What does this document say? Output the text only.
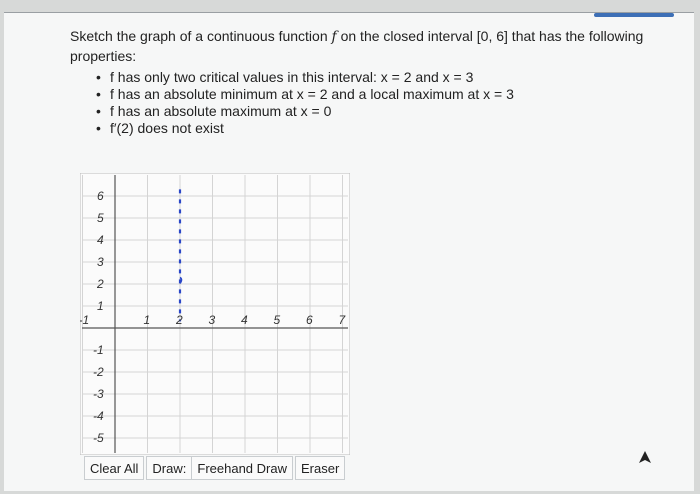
Sketch the graph of a continuous function f on the closed interval [0, 6] that has the following properties:
• f has only two critical values in this interval: x = 2 and x = 3
• f has an absolute minimum at x = 2 and a local maximum at x = 3
• f has an absolute maximum at x = 0
• f′(2) does not exist
1	1 2 3 4 5 6 7
6
5
4
3
2
1
-1
-2
-3
-4
-5
Clear All	Draw: Freehand Draw	Eraser
